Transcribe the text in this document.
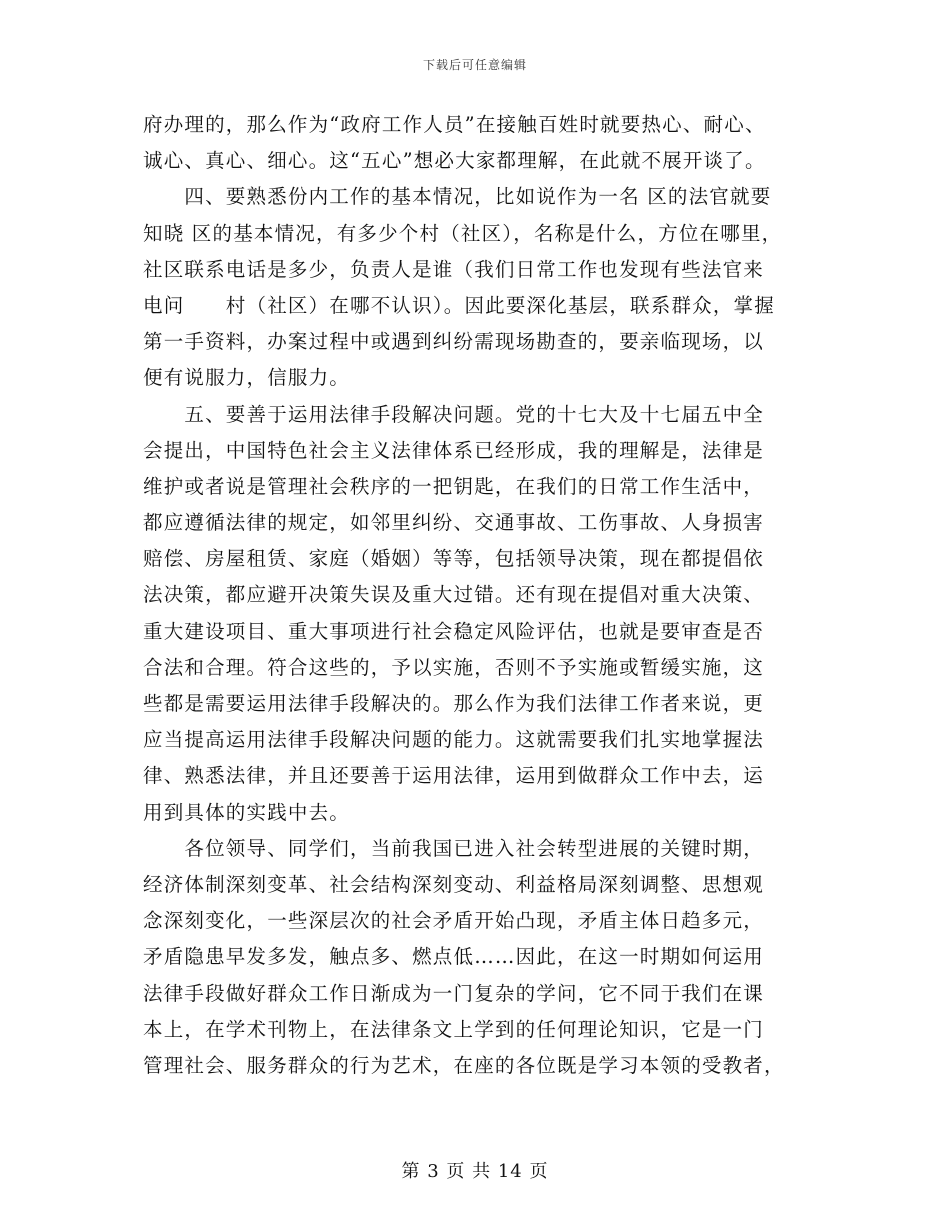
下载后可任意编辑
府办理的，那么作为“政府工作人员”在接触百姓时就要热心、耐心、
诚心、真心、细心。这“五心”想必大家都理解，在此就不展开谈了。
　　四、要熟悉份内工作的基本情况，比如说作为一名 区的法官就要
知晓 区的基本情况，有多少个村（社区），名称是什么，方位在哪里，
社区联系电话是多少，负责人是谁（我们日常工作也发现有些法官来
电问　　村（社区）在哪不认识）。因此要深化基层，联系群众，掌握
第一手资料，办案过程中或遇到纠纷需现场勘查的，要亲临现场，以
便有说服力，信服力。
　　五、要善于运用法律手段解决问题。党的十七大及十七届五中全
会提出，中国特色社会主义法律体系已经形成，我的理解是，法律是
维护或者说是管理社会秩序的一把钥匙，在我们的日常工作生活中，
都应遵循法律的规定，如邻里纠纷、交通事故、工伤事故、人身损害
赔偿、房屋租赁、家庭（婚姻）等等，包括领导决策，现在都提倡依
法决策，都应避开决策失误及重大过错。还有现在提倡对重大决策、
重大建设项目、重大事项进行社会稳定风险评估，也就是要审查是否
合法和合理。符合这些的，予以实施，否则不予实施或暂缓实施，这
些都是需要运用法律手段解决的。那么作为我们法律工作者来说，更
应当提高运用法律手段解决问题的能力。这就需要我们扎实地掌握法
律、熟悉法律，并且还要善于运用法律，运用到做群众工作中去，运
用到具体的实践中去。
　　各位领导、同学们，当前我国已进入社会转型进展的关键时期，
经济体制深刻变革、社会结构深刻变动、利益格局深刻调整、思想观
念深刻变化，一些深层次的社会矛盾开始凸现，矛盾主体日趋多元，
矛盾隐患早发多发，触点多、燃点低……因此，在这一时期如何运用
法律手段做好群众工作日渐成为一门复杂的学问，它不同于我们在课
本上，在学术刊物上，在法律条文上学到的任何理论知识，它是一门
管理社会、服务群众的行为艺术，在座的各位既是学习本领的受教者，
第 3 页 共 14 页
